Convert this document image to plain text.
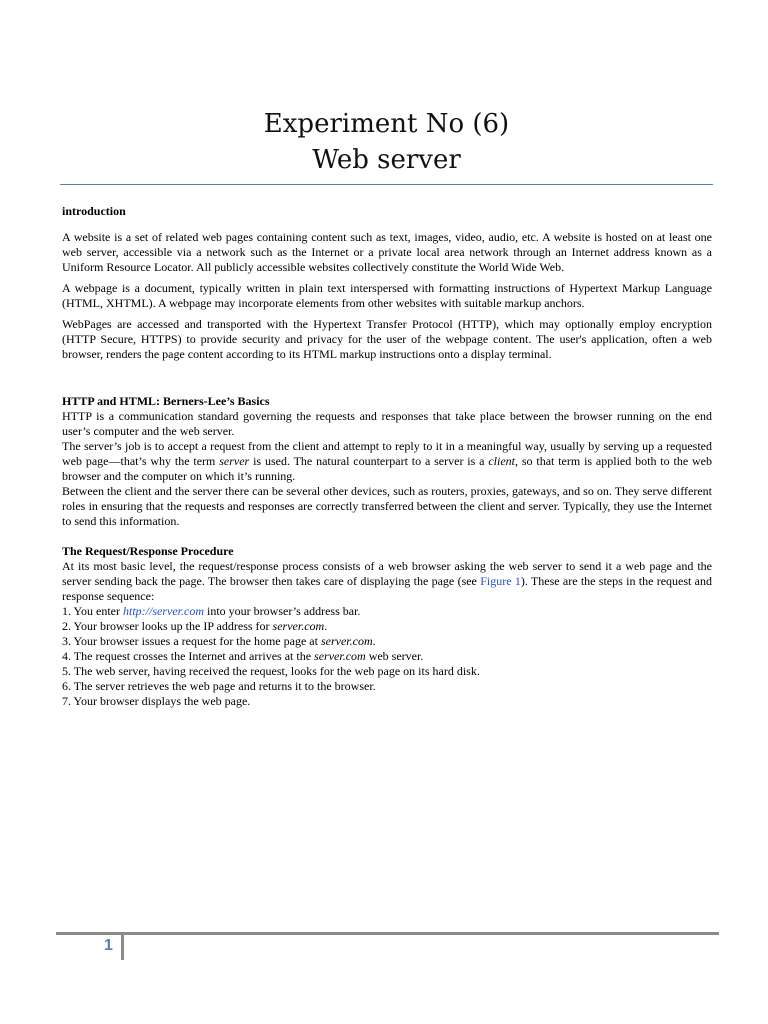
Experiment No (6)
Web server
introduction

A website is a set of related web pages containing content such as text, images, video, audio, etc. A website is hosted on at least one web server, accessible via a network such as the Internet or a private local area network through an Internet address known as a Uniform Resource Locator. All publicly accessible websites collectively constitute the World Wide Web.

A webpage is a document, typically written in plain text interspersed with formatting instructions of Hypertext Markup Language (HTML, XHTML). A webpage may incorporate elements from other websites with suitable markup anchors.

WebPages are accessed and transported with the Hypertext Transfer Protocol (HTTP), which may optionally employ encryption (HTTP Secure, HTTPS) to provide security and privacy for the user of the webpage content. The user's application, often a web browser, renders the page content according to its HTML markup instructions onto a display terminal.

HTTP and HTML: Berners-Lee’s Basics

HTTP is a communication standard governing the requests and responses that take place between the browser running on the end user’s computer and the web server.

The server’s job is to accept a request from the client and attempt to reply to it in a meaningful way, usually by serving up a requested web page—that’s why the term server is used. The natural counterpart to a server is a client, so that term is applied both to the web browser and the computer on which it’s running.

Between the client and the server there can be several other devices, such as routers, proxies, gateways, and so on. They serve different roles in ensuring that the requests and responses are correctly transferred between the client and server. Typically, they use the Internet to send this information.

The Request/Response Procedure

At its most basic level, the request/response process consists of a web browser asking the web server to send it a web page and the server sending back the page. The browser then takes care of displaying the page (see Figure 1). These are the steps in the request and response sequence:

1. You enter http://server.com into your browser’s address bar.
2. Your browser looks up the IP address for server.com.
3. Your browser issues a request for the home page at server.com.
4. The request crosses the Internet and arrives at the server.com web server.
5. The web server, having received the request, looks for the web page on its hard disk.
6. The server retrieves the web page and returns it to the browser.
7. Your browser displays the web page.
1
